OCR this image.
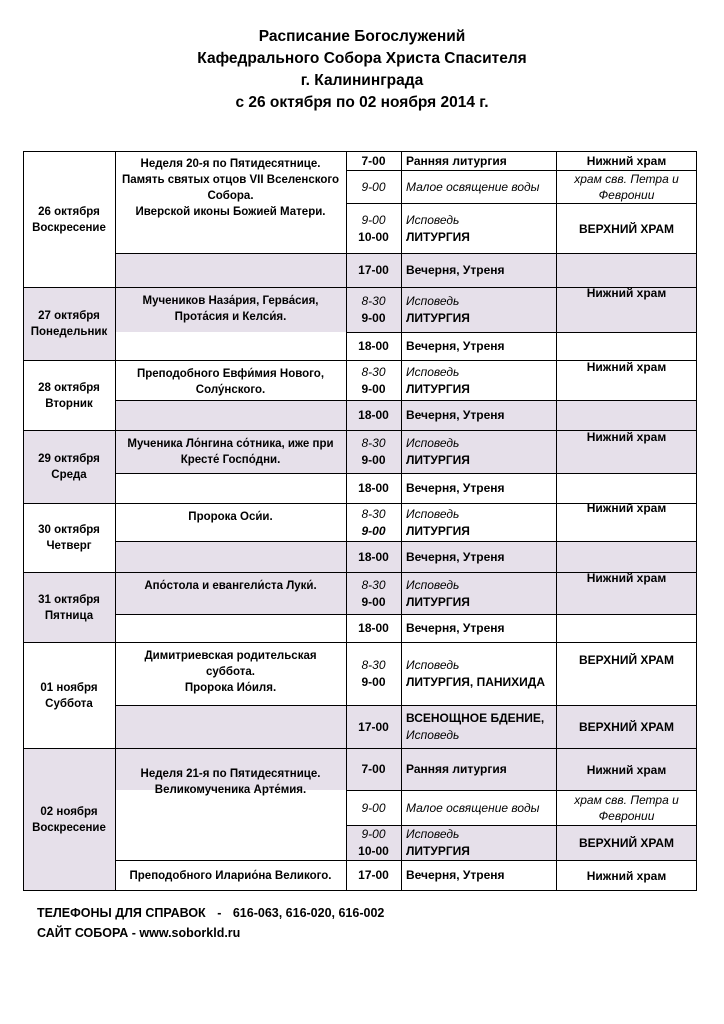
Расписание Богослужений
Кафедрального Собора Христа Спасителя
г. Калининграда
с 26 октября по 02 ноября 2014 г.
26 октября
Воскресение
27 октября
Понедельник
28 октября
Вторник
29 октября
Среда
30 октября
Четверг
31 октября
Пятница
01 ноября
Суббота
02 ноября
Воскресение
Неделя 20-я по Пятидесятнице.
Память святых отцов VII Вселенского Собора.
Иверской иконы Божией Матери.
Мучеников Наза́рия, Герва́сия, Прота́сия и Келси́я.
Преподобного Евфи́мия Нового, Солу́нского.
Мученика Ло́нгина со́тника, иже при Кресте́ Госпо́дни.
Пророка Оси́и.
Апо́стола и евангели́ста Луки́.
Димитриевская родительская суббота.
Пророка Ио́иля.
Неделя 21-я по Пятидесятнице.
Великомученика Арте́мия.
Преподобного Иларио́на Великого.
7-00
9-00
9-00
10-00
17-00
8-30
9-00
18-00
8-30
9-00
18-00
8-30
9-00
18-00
8-30
9-00
18-00
8-30
9-00
18-00
8-30
9-00
17-00
7-00
9-00
9-00
10-00
17-00
Ранняя литургия
Малое освящение воды
Исповедь
ЛИТУРГИЯ
Вечерня, Утреня
Исповедь
ЛИТУРГИЯ
Вечерня, Утреня
Исповедь
ЛИТУРГИЯ
Вечерня, Утреня
Исповедь
ЛИТУРГИЯ
Вечерня, Утреня
Исповедь
ЛИТУРГИЯ
Вечерня, Утреня
Исповедь
ЛИТУРГИЯ
Вечерня, Утреня
Исповедь
ЛИТУРГИЯ, ПАНИХИДА
ВСЕНОЩНОЕ БДЕНИЕ,
Исповедь
Ранняя литургия
Малое освящение воды
Исповедь
ЛИТУРГИЯ
Вечерня, Утреня
Нижний храм
храм свв. Петра и Февронии
ВЕРХНИЙ ХРАМ
Нижний храм
Нижний храм
Нижний храм
Нижний храм
Нижний храм
ВЕРХНИЙ ХРАМ
ВЕРХНИЙ ХРАМ
Нижний храм
храм свв. Петра и Февронии
ВЕРХНИЙ ХРАМ
Нижний храм
ТЕЛЕФОНЫ ДЛЯ СПРАВОК - 616-063, 616-020, 616-002
САЙТ СОБОРА - www.soborkld.ru
